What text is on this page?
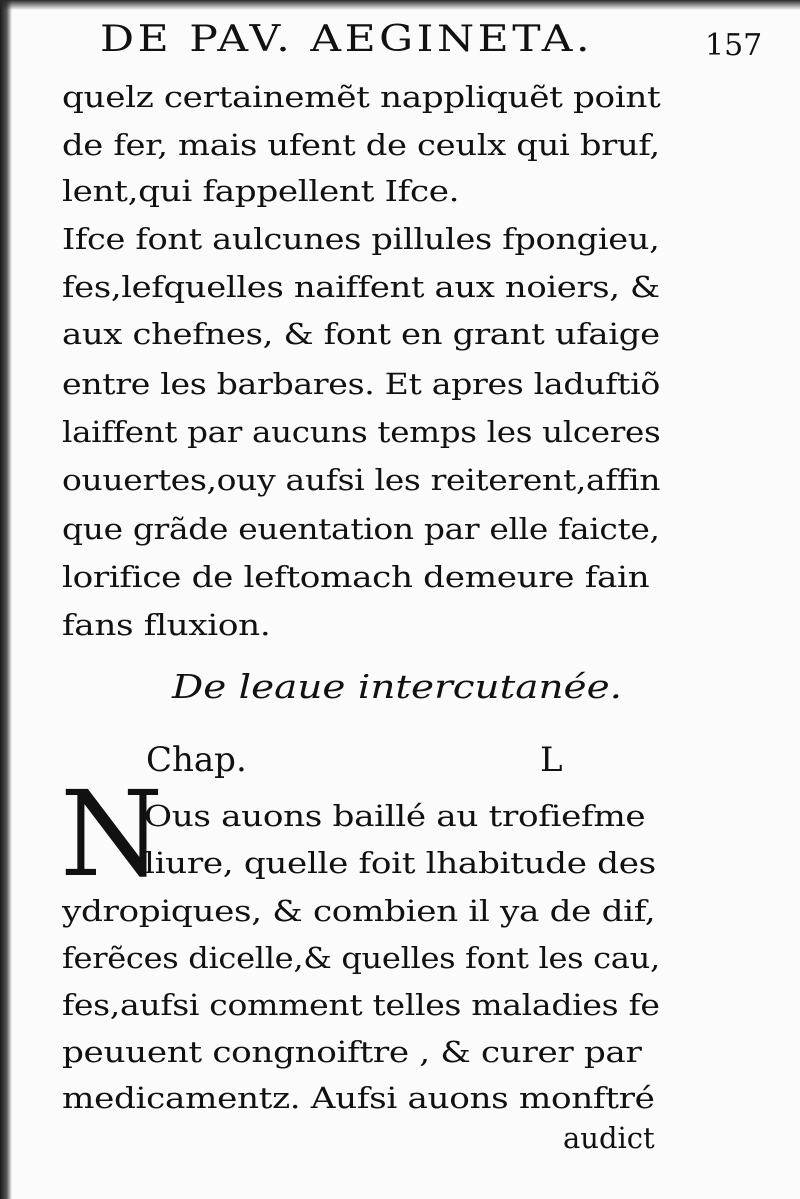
DE PAV. AEGINETA.	157
quelz certainemẽt nappliquẽt point
de fer, mais ufent de ceulx qui bruf,
lent,qui fappellent Ifce.
Ifce font aulcunes pillules fpongieu,
fes,lefquelles naiffent aux noiers, &
aux chefnes, & font en grant ufaige
entre les barbares. Et apres laduftiõ
laiffent par aucuns temps les ulceres
ouuertes,ouy aufsi les reiterent,affin
que grãde euentation par elle faicte,
lorifice de leftomach demeure fain
fans fluxion.
De leaue intercutanée.
Chap.	L
N
Ous auons baillé au trofiefme
liure, quelle foit lhabitude des
ydropiques, & combien il ya de dif,
ferẽces dicelle,& quelles font les cau,
fes,aufsi comment telles maladies fe
peuuent congnoiftre , & curer par
medicamentz. Aufsi auons monftré
audict
